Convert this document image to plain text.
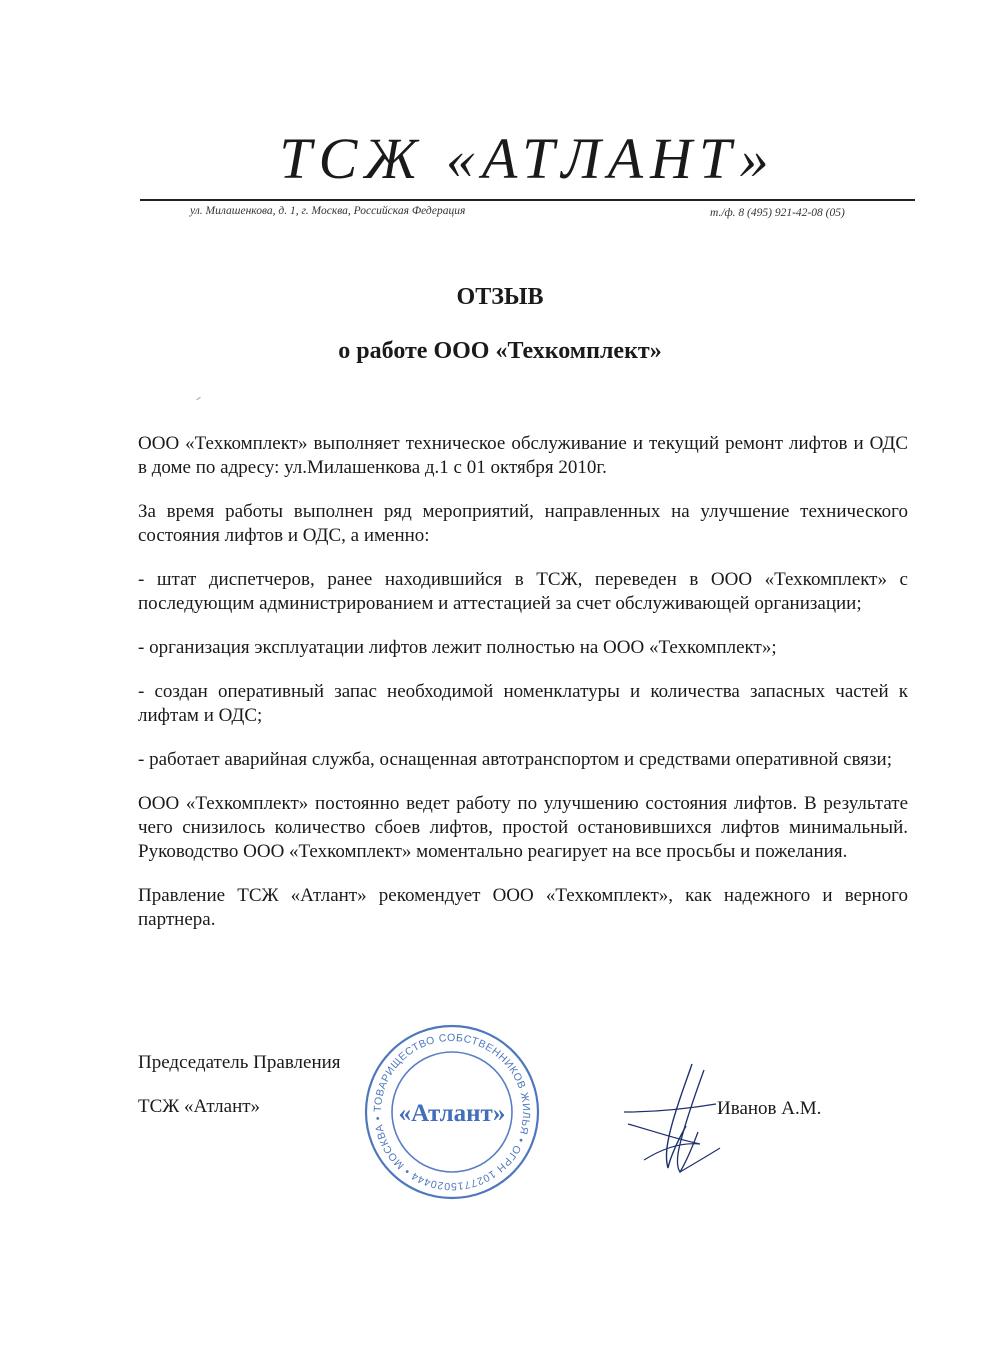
ТСЖ «АТЛАНТ»
ул. Милашенкова, д. 1, г. Москва, Российская Федерация	т./ф. 8 (495) 921-42-08 (05)
ОТЗЫВ
о работе ООО «Техкомплект»

ООО «Техкомплект» выполняет техническое обслуживание и текущий ремонт лифтов и ОДС в доме по адресу: ул.Милашенкова д.1 с 01 октября 2010г.

За время работы выполнен ряд мероприятий, направленных на улучшение технического состояния лифтов и ОДС, а именно:

- штат диспетчеров, ранее находившийся в ТСЖ, переведен в ООО «Техкомплект» с последующим администрированием и аттестацией за счет обслуживающей организации;

- организация эксплуатации лифтов лежит полностью на ООО «Техкомплект»;

- создан оперативный запас необходимой номенклатуры и количества запасных частей к лифтам и ОДС;

- работает аварийная служба, оснащенная автотранспортом и средствами оперативной связи;

ООО «Техкомплект» постоянно ведет работу по улучшению состояния лифтов. В результате чего снизилось количество сбоев лифтов, простой остановившихся лифтов минимальный. Руководство ООО «Техкомплект» моментально реагирует на все просьбы и пожелания.

Правление ТСЖ «Атлант» рекомендует ООО «Техкомплект», как надежного и верного партнера.

Председатель Правления
ТСЖ «Атлант»	ТОВАРИЩЕСТВО СОБСТВЕННИКОВ ЖИЛЬЯ • ОГРН 1027715020444 • МОСКВА • «Атлант»	Иванов А.М.
